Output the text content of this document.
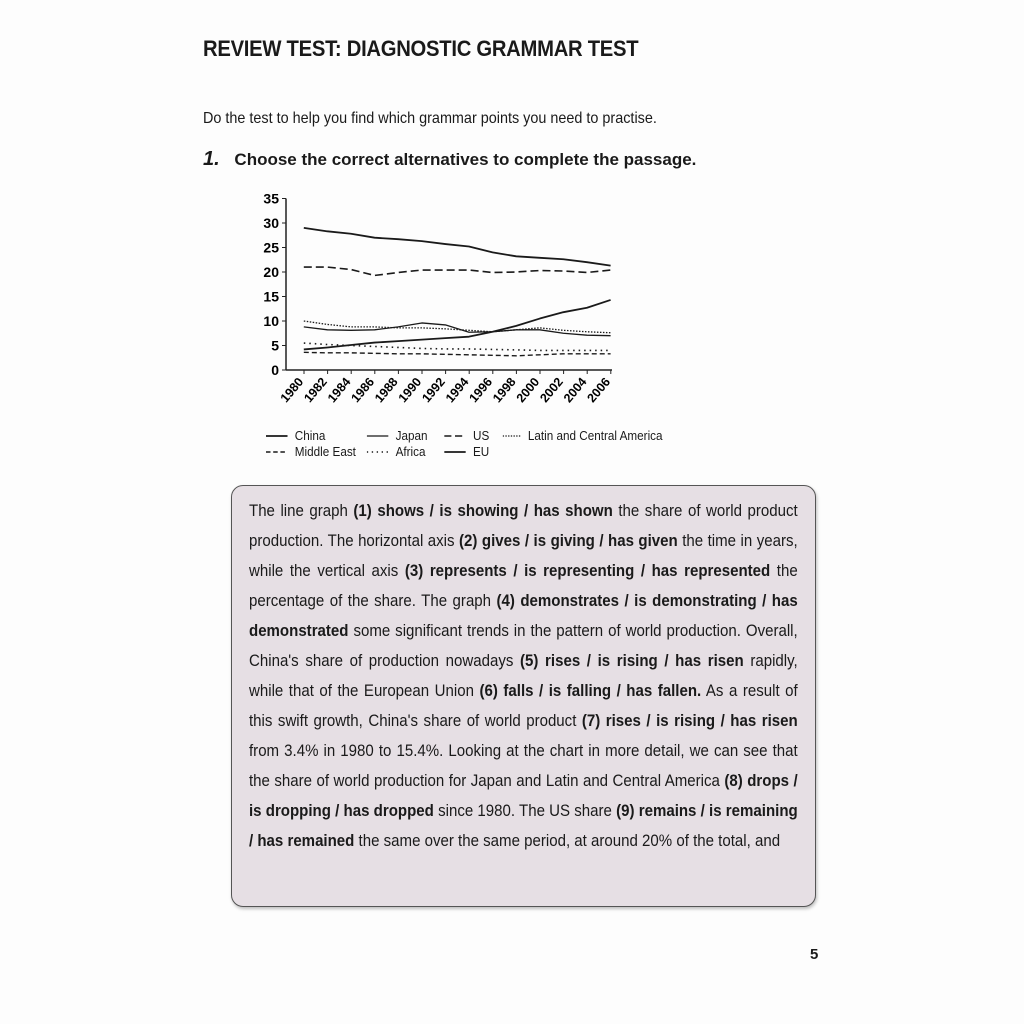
REVIEW TEST: DIAGNOSTIC GRAMMAR TEST
Do the test to help you find which grammar points you need to practise.
1. Choose the correct alternatives to complete the passage.
35
30
25
20
15
10
5
0
1980
1982
1984
1986
1988
1990
1992
1994
1996
1998
2000
2002
2004
2006
China	Japan	US	Latin and Central America
Middle East	Africa	EU

The line graph (1) shows / is showing / has shown the share of world product production. The horizontal axis (2) gives / is giving / has given the time in years, while the vertical axis (3) represents / is representing / has represented the percentage of the share. The graph (4) demonstrates / is demonstrating / has demonstrated some significant trends in the pattern of world production. Overall, China's share of production nowadays (5) rises / is rising / has risen rapidly, while that of the European Union (6) falls / is falling / has fallen. As a result of this swift growth, China's share of world product (7) rises / is rising / has risen from 3.4% in 1980 to 15.4%. Looking at the chart in more detail, we can see that the share of world production for Japan and Latin and Central America (8) drops / is dropping / has dropped since 1980. The US share (9) remains / is remaining / has remained the same over the same period, at around 20% of the total, and

5
